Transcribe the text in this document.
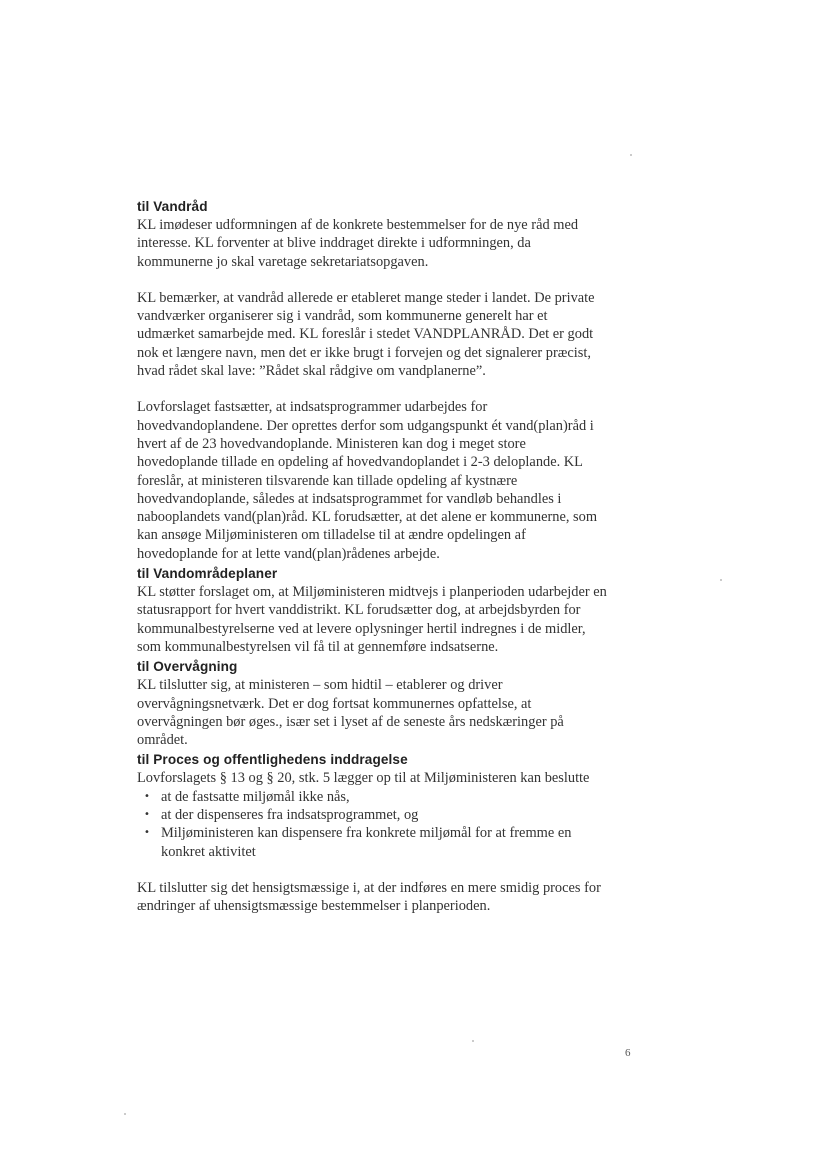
til Vandråd

KL imødeser udformningen af de konkrete bestemmelser for de nye råd med interesse. KL forventer at blive inddraget direkte i udformningen, da kommunerne jo skal varetage sekretariatsopgaven.

KL bemærker, at vandråd allerede er etableret mange steder i landet. De private vandværker organiserer sig i vandråd, som kommunerne generelt har et udmærket samarbejde med. KL foreslår i stedet VANDPLANRÅD. Det er godt nok et længere navn, men det er ikke brugt i forvejen og det signalerer præcist, hvad rådet skal lave: ”Rådet skal rådgive om vandplanerne”.

Lovforslaget fastsætter, at indsatsprogrammer udarbejdes for hovedvandoplandene. Der oprettes derfor som udgangspunkt ét vand(plan)råd i hvert af de 23 hovedvandoplande. Ministeren kan dog i meget store hovedoplande tillade en opdeling af hovedvandoplandet i 2-3 deloplande. KL foreslår, at ministeren tilsvarende kan tillade opdeling af kystnære hovedvandoplande, således at indsatsprogrammet for vandløb behandles i nabooplandets vand(plan)råd. KL forudsætter, at det alene er kommunerne, som kan ansøge Miljøministeren om tilladelse til at ændre opdelingen af hovedoplande for at lette vand(plan)rådenes arbejde.

til Vandområdeplaner

KL støtter forslaget om, at Miljøministeren midtvejs i planperioden udarbejder en statusrapport for hvert vanddistrikt. KL forudsætter dog, at arbejdsbyrden for kommunalbestyrelserne ved at levere oplysninger hertil indregnes i de midler, som kommunalbestyrelsen vil få til at gennemføre indsatserne.

til Overvågning

KL tilslutter sig, at ministeren – som hidtil – etablerer og driver overvågningsnetværk. Det er dog fortsat kommunernes opfattelse, at overvågningen bør øges., især set i lyset af de seneste års nedskæringer på området.

til Proces og offentlighedens inddragelse

Lovforslagets § 13 og § 20, stk. 5 lægger op til at Miljøministeren kan beslutte

• at de fastsatte miljømål ikke nås,
• at der dispenseres fra indsatsprogrammet, og
• Miljøministeren kan dispensere fra konkrete miljømål for at fremme en konkret aktivitet

KL tilslutter sig det hensigtsmæssige i, at der indføres en mere smidig proces for ændringer af uhensigtsmæssige bestemmelser i planperioden.

6
